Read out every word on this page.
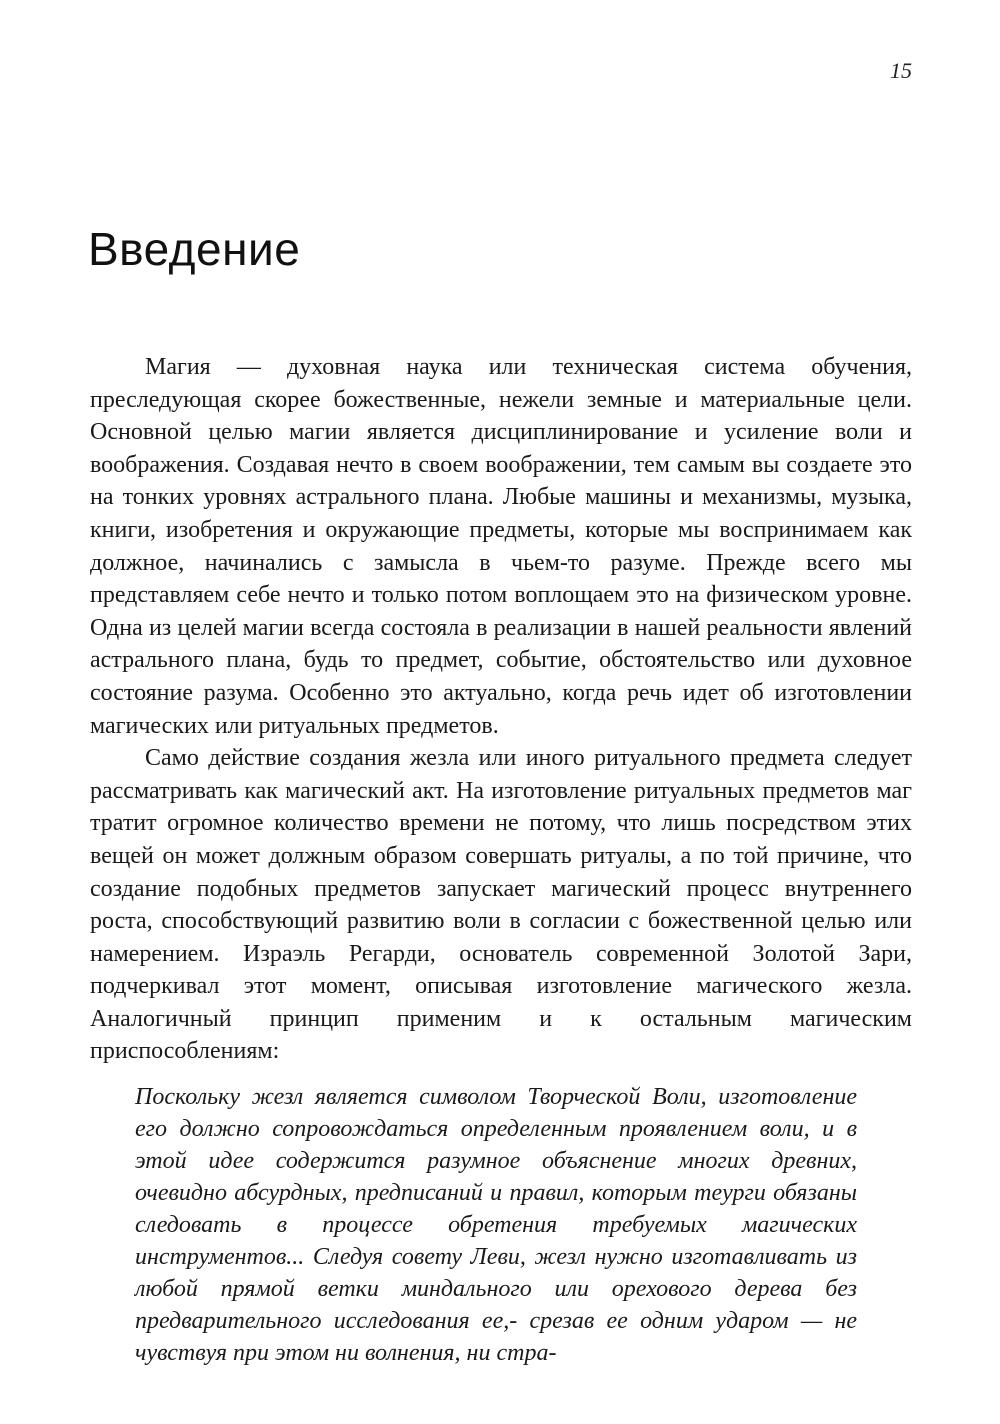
15
Введение

Магия — духовная наука или техническая система обучения, преследующая скорее божественные, нежели земные и материальные цели. Основной целью магии является дисциплинирование и усиление воли и воображения. Создавая нечто в своем воображении, тем самым вы создаете это на тонких уровнях астрального плана. Любые машины и механизмы, музыка, книги, изобретения и окружающие предметы, которые мы воспринимаем как должное, начинались с замысла в чьем-то разуме. Прежде всего мы представляем себе нечто и только потом воплощаем это на физическом уровне. Одна из целей магии всегда состояла в реализации в нашей реальности явлений астрального плана, будь то предмет, событие, обстоятельство или духовное состояние разума. Особенно это актуально, когда речь идет об изготовлении магических или ритуальных предметов.

Само действие создания жезла или иного ритуального предмета следует рассматривать как магический акт. На изготовление ритуальных предметов маг тратит огромное количество времени не потому, что лишь посредством этих вещей он может должным образом совершать ритуалы, а по той причине, что создание подобных предметов запускает магический процесс внутреннего роста, способствующий развитию воли в согласии с божественной целью или намерением. Израэль Регарди, основатель современной Золотой Зари, подчеркивал этот момент, описывая изготовление магического жезла. Аналогичный принцип применим и к остальным магическим приспособлениям:

Поскольку жезл является символом Творческой Воли, изготовление его должно сопровождаться определенным проявлением воли, и в этой идее содержится разумное объяснение многих древних, очевидно абсурдных, предписаний и правил, которым теурги обязаны следовать в процессе обретения требуемых магических инструментов... Следуя совету Леви, жезл нужно изготавливать из любой прямой ветки миндального или орехового дерева без предварительного исследования ее,- срезав ее одним ударом — не чувствуя при этом ни волнения, ни стра-
